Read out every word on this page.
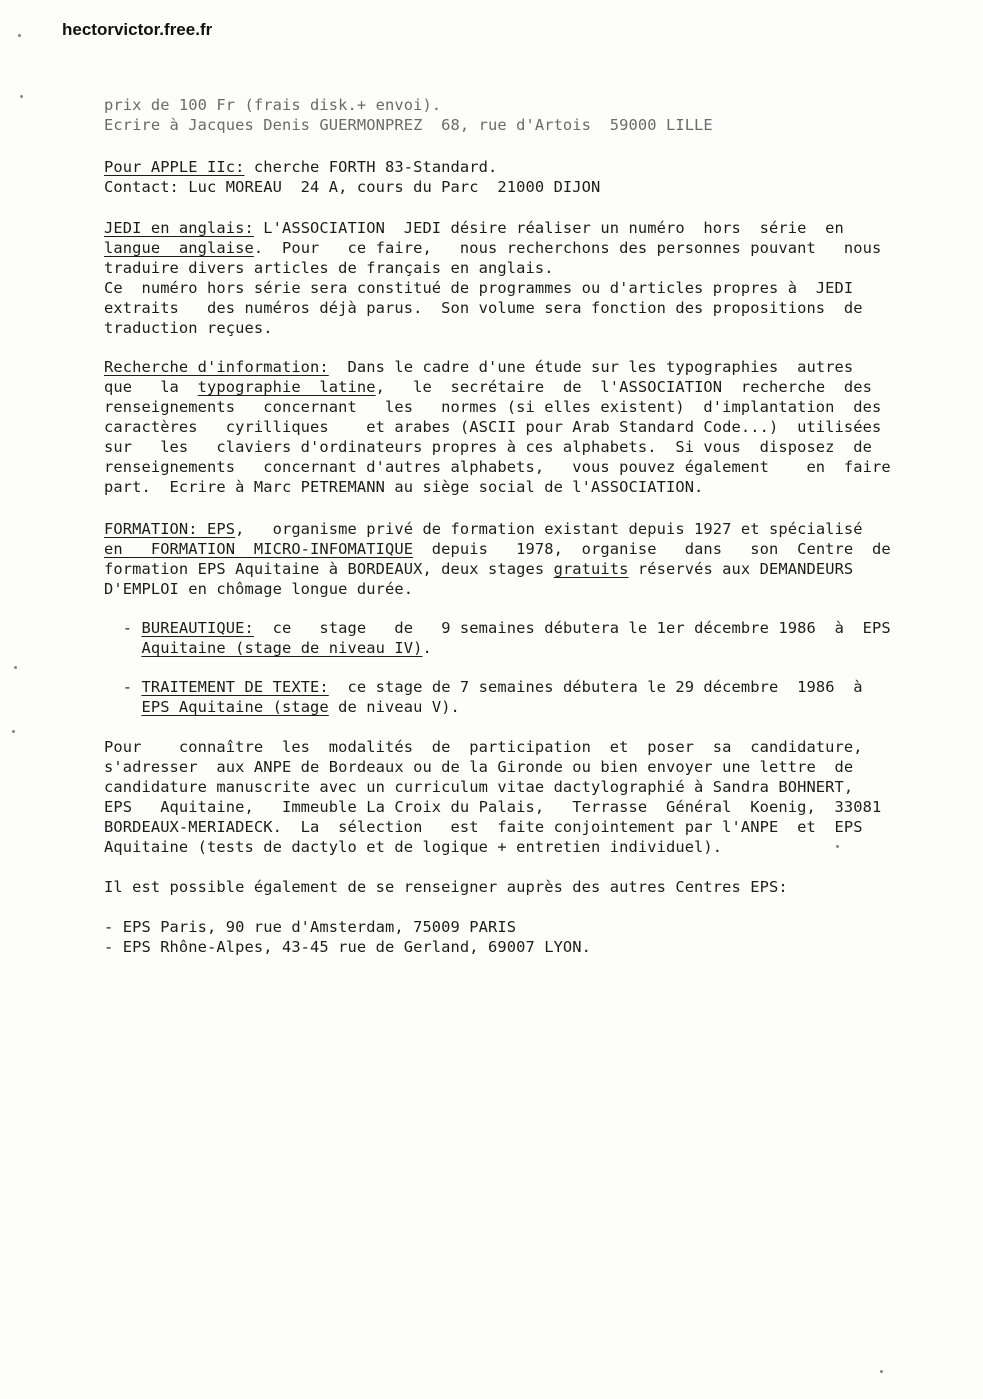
hectorvictor.free.fr
prix de 100 Fr (frais disk.+ envoi).
Ecrire à Jacques Denis GUERMONPREZ  68, rue d'Artois  59000 LILLE
Pour APPLE IIc: cherche FORTH 83-Standard.
Contact: Luc MOREAU  24 A, cours du Parc  21000 DIJON
JEDI en anglais: L'ASSOCIATION  JEDI désire réaliser un numéro  hors  série  en
langue  anglaise.  Pour   ce faire,   nous recherchons des personnes pouvant   nous
traduire divers articles de français en anglais.
Ce  numéro hors série sera constitué de programmes ou d'articles propres à  JEDI
extraits   des numéros déjà parus.  Son volume sera fonction des propositions  de
traduction reçues.
Recherche d'information:  Dans le cadre d'une étude sur les typographies  autres
que   la  typographie  latine,   le  secrétaire  de  l'ASSOCIATION  recherche  des
renseignements   concernant   les   normes (si elles existent)  d'implantation  des
caractères   cyrilliques    et arabes (ASCII pour Arab Standard Code...)  utilisées
sur   les   claviers d'ordinateurs propres à ces alphabets.  Si vous  disposez  de
renseignements   concernant d'autres alphabets,   vous pouvez également    en  faire
part.  Ecrire à Marc PETREMANN au siège social de l'ASSOCIATION.
FORMATION: EPS,   organisme privé de formation existant depuis 1927 et spécialisé
en   FORMATION  MICRO-INFOMATIQUE  depuis   1978,  organise   dans   son  Centre  de
formation EPS Aquitaine à BORDEAUX, deux stages gratuits réservés aux DEMANDEURS
D'EMPLOI en chômage longue durée.
- BUREAUTIQUE:  ce   stage   de   9 semaines débutera le 1er décembre 1986  à  EPS
Aquitaine (stage de niveau IV).
- TRAITEMENT DE TEXTE:  ce stage de 7 semaines débutera le 29 décembre  1986  à
EPS Aquitaine (stage de niveau V).
Pour    connaître  les  modalités  de  participation  et  poser  sa  candidature,
s'adresser  aux ANPE de Bordeaux ou de la Gironde ou bien envoyer une lettre  de
candidature manuscrite avec un curriculum vitae dactylographié à Sandra BOHNERT,
EPS   Aquitaine,   Immeuble La Croix du Palais,   Terrasse  Général  Koenig,  33081
BORDEAUX-MERIADECK.  La  sélection   est  faite conjointement par l'ANPE  et  EPS
Aquitaine (tests de dactylo et de logique + entretien individuel).
Il est possible également de se renseigner auprès des autres Centres EPS:
- EPS Paris, 90 rue d'Amsterdam, 75009 PARIS
- EPS Rhône-Alpes, 43-45 rue de Gerland, 69007 LYON.
